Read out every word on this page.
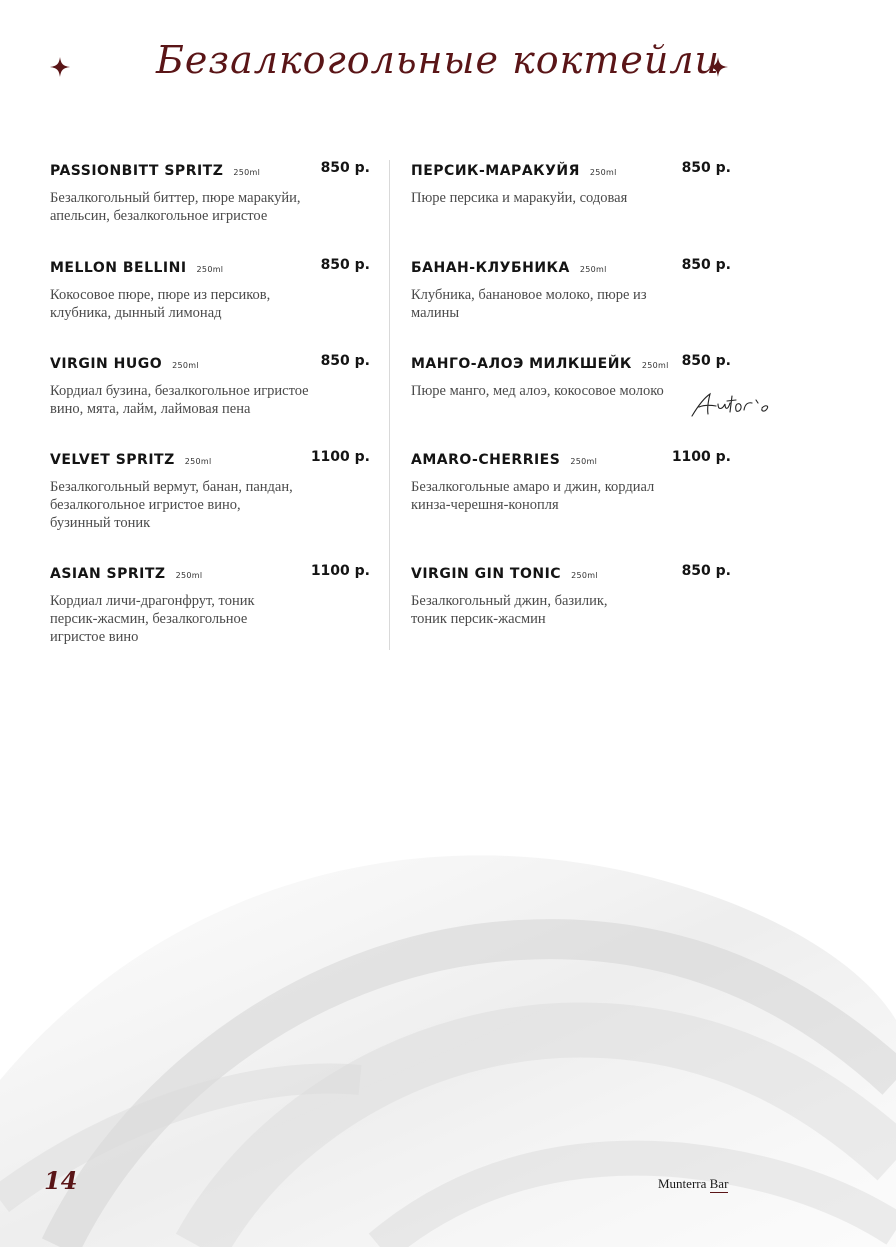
Безалкогольные коктейли
PASSIONBITT SPRITZ 250ml	850 р.
Безалкогольный биттер, пюре маракуйи,
апельсин, безалкогольное игристое
MELLON BELLINI 250ml	850 р.
Кокосовое пюре, пюре из персиков,
клубника, дынный лимонад
VIRGIN HUGO 250ml	850 р.
Кордиал бузина, безалкогольное игристое
вино, мята, лайм, лаймовая пена
VELVET SPRITZ 250ml	1100 р.
Безалкогольный вермут, банан, пандан,
безалкогольное игристое вино,
бузинный тоник
ASIAN SPRITZ 250ml	1100 р.
Кордиал личи-драгонфрут, тоник
персик-жасмин, безалкогольное
игристое вино
ПЕРСИК-МАРАКУЙЯ 250ml	850 р.
Пюре персика и маракуйи, содовая
БАНАН-КЛУБНИКА 250ml	850 р.
Клубника, банановое молоко, пюре из
малины
МАНГО-АЛОЭ МИЛКШЕЙК 250ml 850 р.
Пюре манго, мед алоэ, кокосовое молоко
AMARO-CHERRIES 250ml	1100 р.
Безалкогольные амаро и джин, кордиал
кинза-черешня-конопля
VIRGIN GIN TONIC 250ml	850 р.
Безалкогольный джин, базилик,
тоник персик-жасмин
14	Munterra Bar
